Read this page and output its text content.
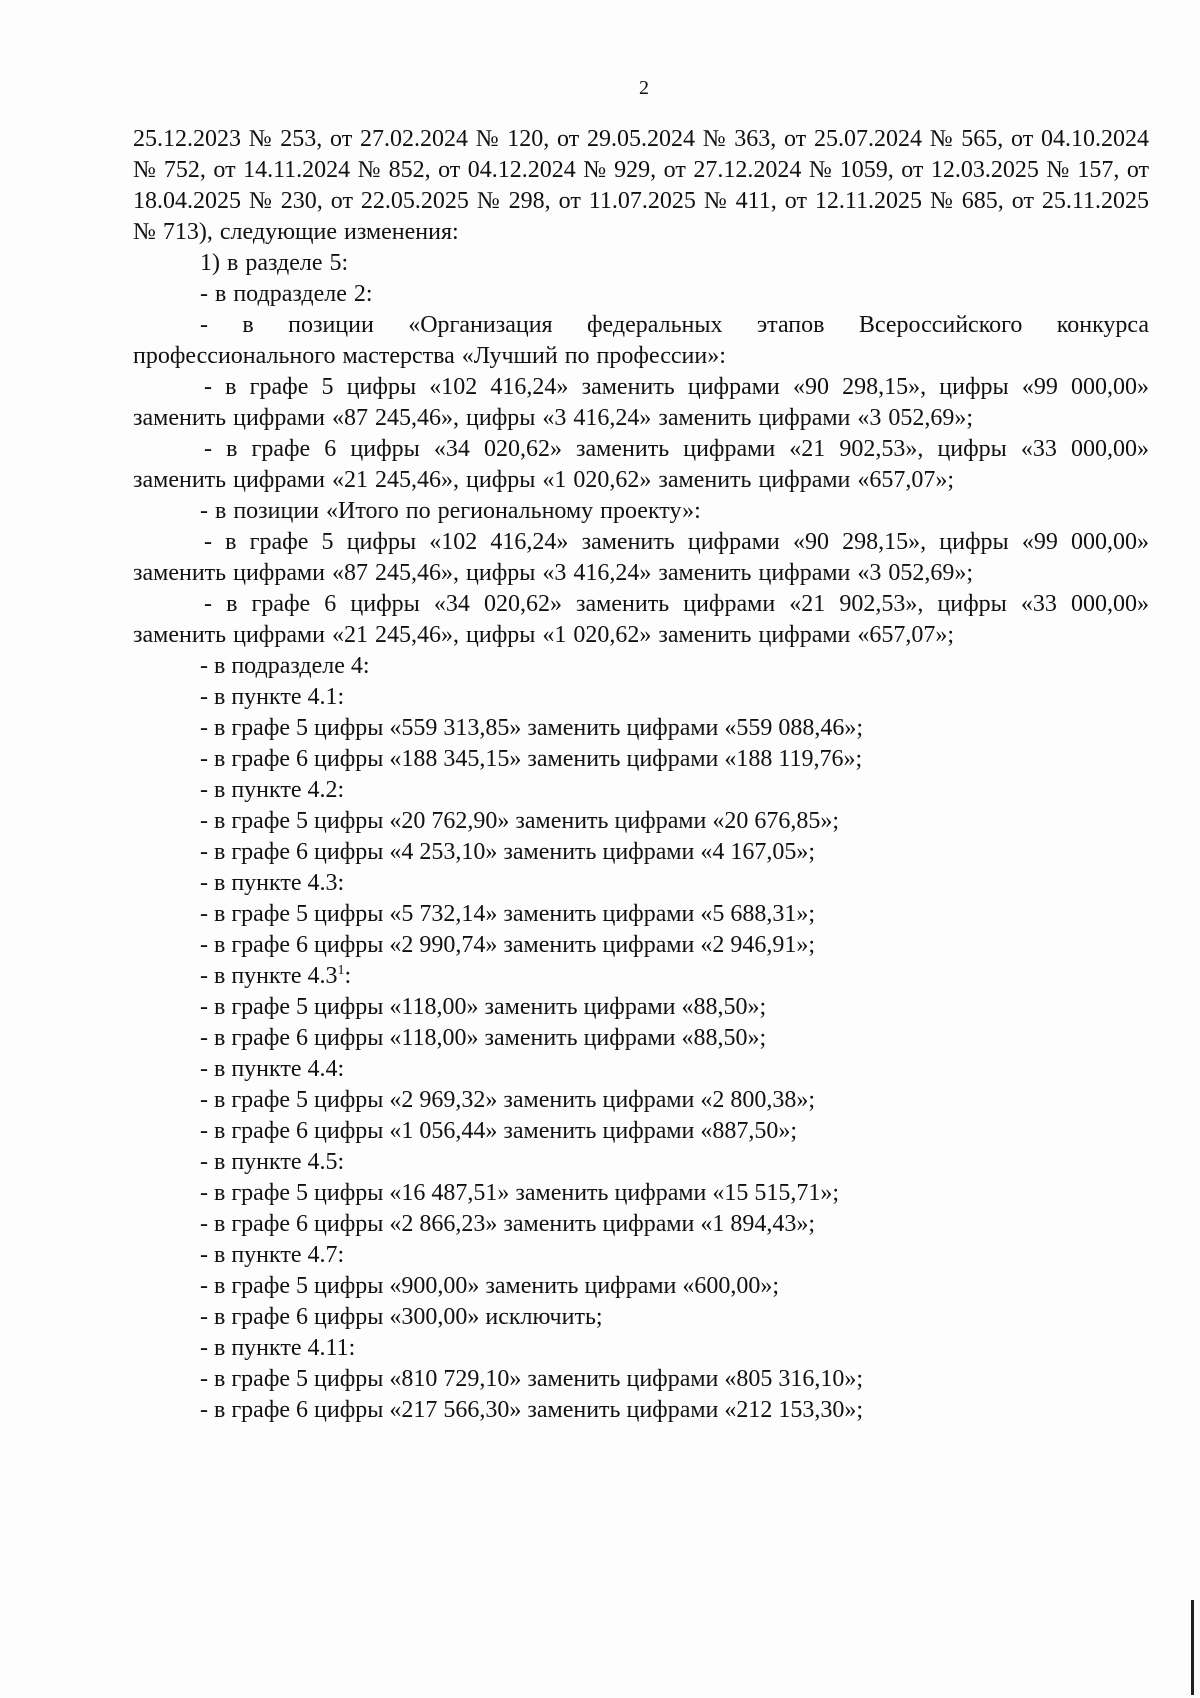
2

25.12.2023 № 253, от 27.02.2024 № 120, от 29.05.2024 № 363, от 25.07.2024 № 565, от 04.10.2024 № 752, от 14.11.2024 № 852, от 04.12.2024 № 929, от 27.12.2024 № 1059, от 12.03.2025 № 157, от 18.04.2025 № 230, от 22.05.2025 № 298, от 11.07.2025 № 411, от 12.11.2025 № 685, от 25.11.2025 № 713), следующие изменения:

1) в разделе 5:

- в подразделе 2:

- в позиции «Организация федеральных этапов Всероссийского конкурса профессионального мастерства «Лучший по профессии»:

- в графе 5 цифры «102 416,24» заменить цифрами «90 298,15», цифры «99 000,00» заменить цифрами «87 245,46», цифры «3 416,24» заменить цифрами «3 052,69»;

- в графе 6 цифры «34 020,62» заменить цифрами «21 902,53», цифры «33 000,00» заменить цифрами «21 245,46», цифры «1 020,62» заменить цифрами «657,07»;

- в позиции «Итого по региональному проекту»:

- в графе 5 цифры «102 416,24» заменить цифрами «90 298,15», цифры «99 000,00» заменить цифрами «87 245,46», цифры «3 416,24» заменить цифрами «3 052,69»;

- в графе 6 цифры «34 020,62» заменить цифрами «21 902,53», цифры «33 000,00» заменить цифрами «21 245,46», цифры «1 020,62» заменить цифрами «657,07»;

- в подразделе 4:

- в пункте 4.1:

- в графе 5 цифры «559 313,85» заменить цифрами «559 088,46»;

- в графе 6 цифры «188 345,15» заменить цифрами «188 119,76»;

- в пункте 4.2:

- в графе 5 цифры «20 762,90» заменить цифрами «20 676,85»;

- в графе 6 цифры «4 253,10» заменить цифрами «4 167,05»;

- в пункте 4.3:

- в графе 5 цифры «5 732,14» заменить цифрами «5 688,31»;

- в графе 6 цифры «2 990,74» заменить цифрами «2 946,91»;

- в пункте $4.3^1$:

- в графе 5 цифры «118,00» заменить цифрами «88,50»;

- в графе 6 цифры «118,00» заменить цифрами «88,50»;

- в пункте 4.4:

- в графе 5 цифры «2 969,32» заменить цифрами «2 800,38»;

- в графе 6 цифры «1 056,44» заменить цифрами «887,50»;

- в пункте 4.5:

- в графе 5 цифры «16 487,51» заменить цифрами «15 515,71»;

- в графе 6 цифры «2 866,23» заменить цифрами «1 894,43»;

- в пункте 4.7:

- в графе 5 цифры «900,00» заменить цифрами «600,00»;

- в графе 6 цифры «300,00» исключить;

- в пункте 4.11:

- в графе 5 цифры «810 729,10» заменить цифрами «805 316,10»;

- в графе 6 цифры «217 566,30» заменить цифрами «212 153,30»;
